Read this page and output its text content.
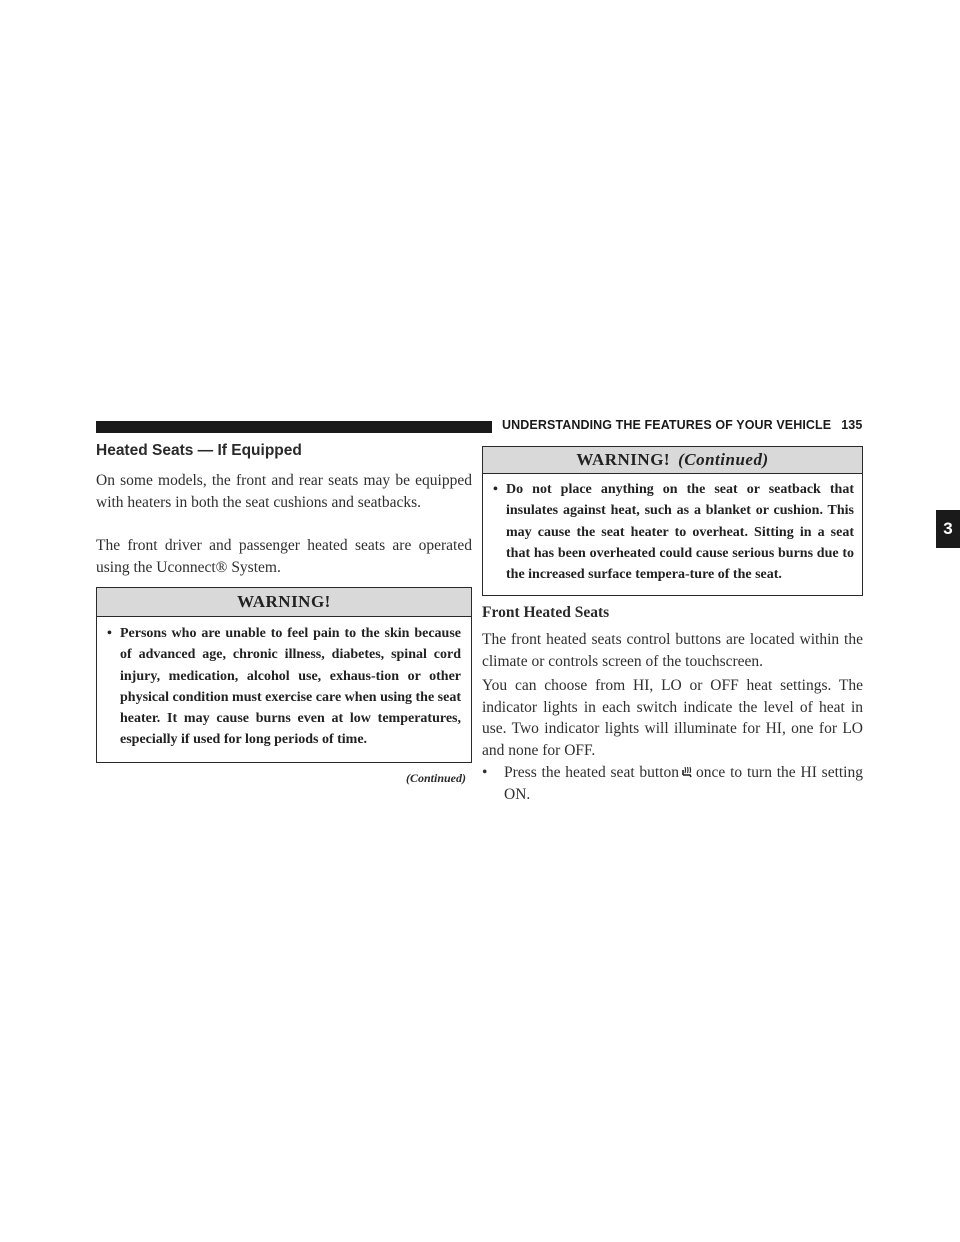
UNDERSTANDING THE FEATURES OF YOUR VEHICLE 135
3
Heated Seats — If Equipped
On some models, the front and rear seats may be equipped with heaters in both the seat cushions and seatbacks.
The front driver and passenger heated seats are operated using the Uconnect® System.
WARNING!
• Persons who are unable to feel pain to the skin because of advanced age, chronic illness, diabetes, spinal cord injury, medication, alcohol use, exhaus-tion or other physical condition must exercise care when using the seat heater. It may cause burns even at low temperatures, especially if used for long periods of time.
(Continued)
WARNING! (Continued)
• Do not place anything on the seat or seatback that insulates against heat, such as a blanket or cushion. This may cause the seat heater to overheat. Sitting in a seat that has been overheated could cause serious burns due to the increased surface tempera-ture of the seat.
Front Heated Seats
The front heated seats control buttons are located within the climate or controls screen of the touchscreen.
You can choose from HI, LO or OFF heat settings. The indicator lights in each switch indicate the level of heat in use. Two indicator lights will illuminate for HI, one for LO and none for OFF.
•	Press the heated seat button once to turn the HI setting ON.
